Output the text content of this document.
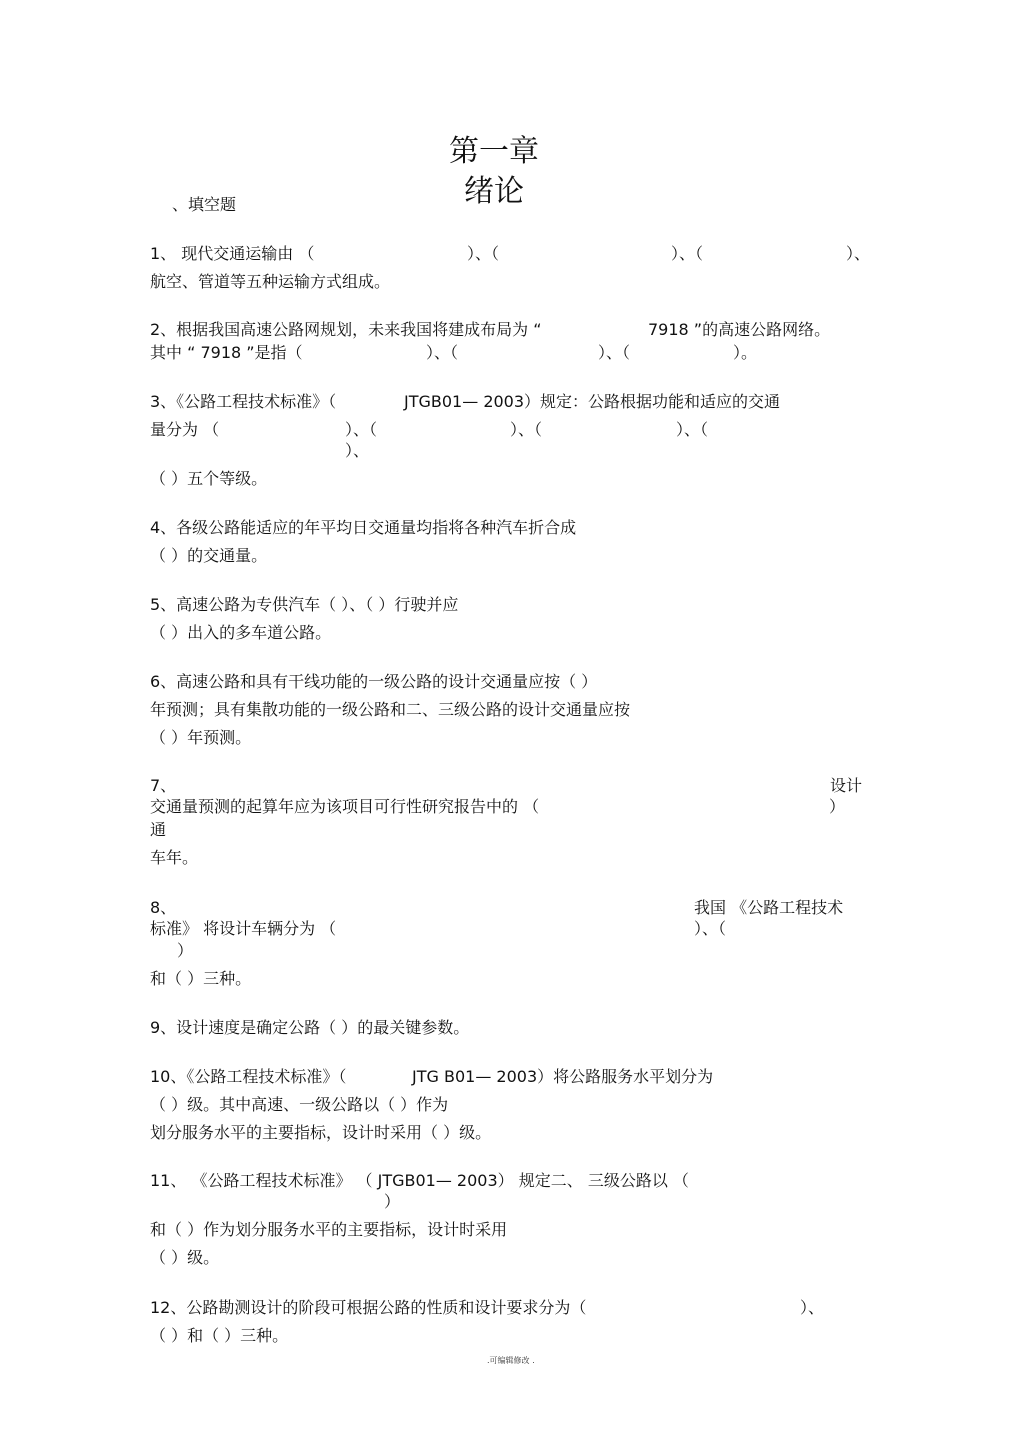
第一章
绪论
、填空题
1、 现代交通运输由 （	）、（	）、（	）、
航空、管道等五种运输方式组成。
2、根据我国高速公路网规划，未来我国将建成布局为 “	7918 ”的高速公路网络。
其中 “ 7918 ”是指（	）、（	）、（	）。
3、《公路工程技术标准》（	JTGB01— 2003）规定：公路根据功能和适应的交通
量分为 （	）、（	）、（	）、（
）、
（ ）五个等级。
4、各级公路能适应的年平均日交通量均指将各种汽车折合成
（ ）的交通量。
5、高速公路为专供汽车（ ）、（ ）行驶并应
（ ）出入的多车道公路。
6、高速公路和具有干线功能的一级公路的设计交通量应按（ ）
年预测；具有集散功能的一级公路和二、三级公路的设计交通量应按
（ ）年预测。
7、	设计
交通量预测的起算年应为该项目可行性研究报告中的 （	）
通
车年。
8、	我国 《公路工程技术
标准》 将设计车辆分为 （	）、（
）
和（ ）三种。
9、设计速度是确定公路（ ）的最关键参数。
10、《公路工程技术标准》（	JTG B01— 2003）将公路服务水平划分为
（ ）级。其中高速、一级公路以（ ）作为
划分服务水平的主要指标，设计时采用（ ）级。
11、 《公路工程技术标准》 （ JTGB01— 2003） 规定二、 三级公路以 （
）
和（ ）作为划分服务水平的主要指标，设计时采用
（ ）级。
12、公路勘测设计的阶段可根据公路的性质和设计要求分为（	）、
（ ）和（ ）三种。
.可编辑修改 .
